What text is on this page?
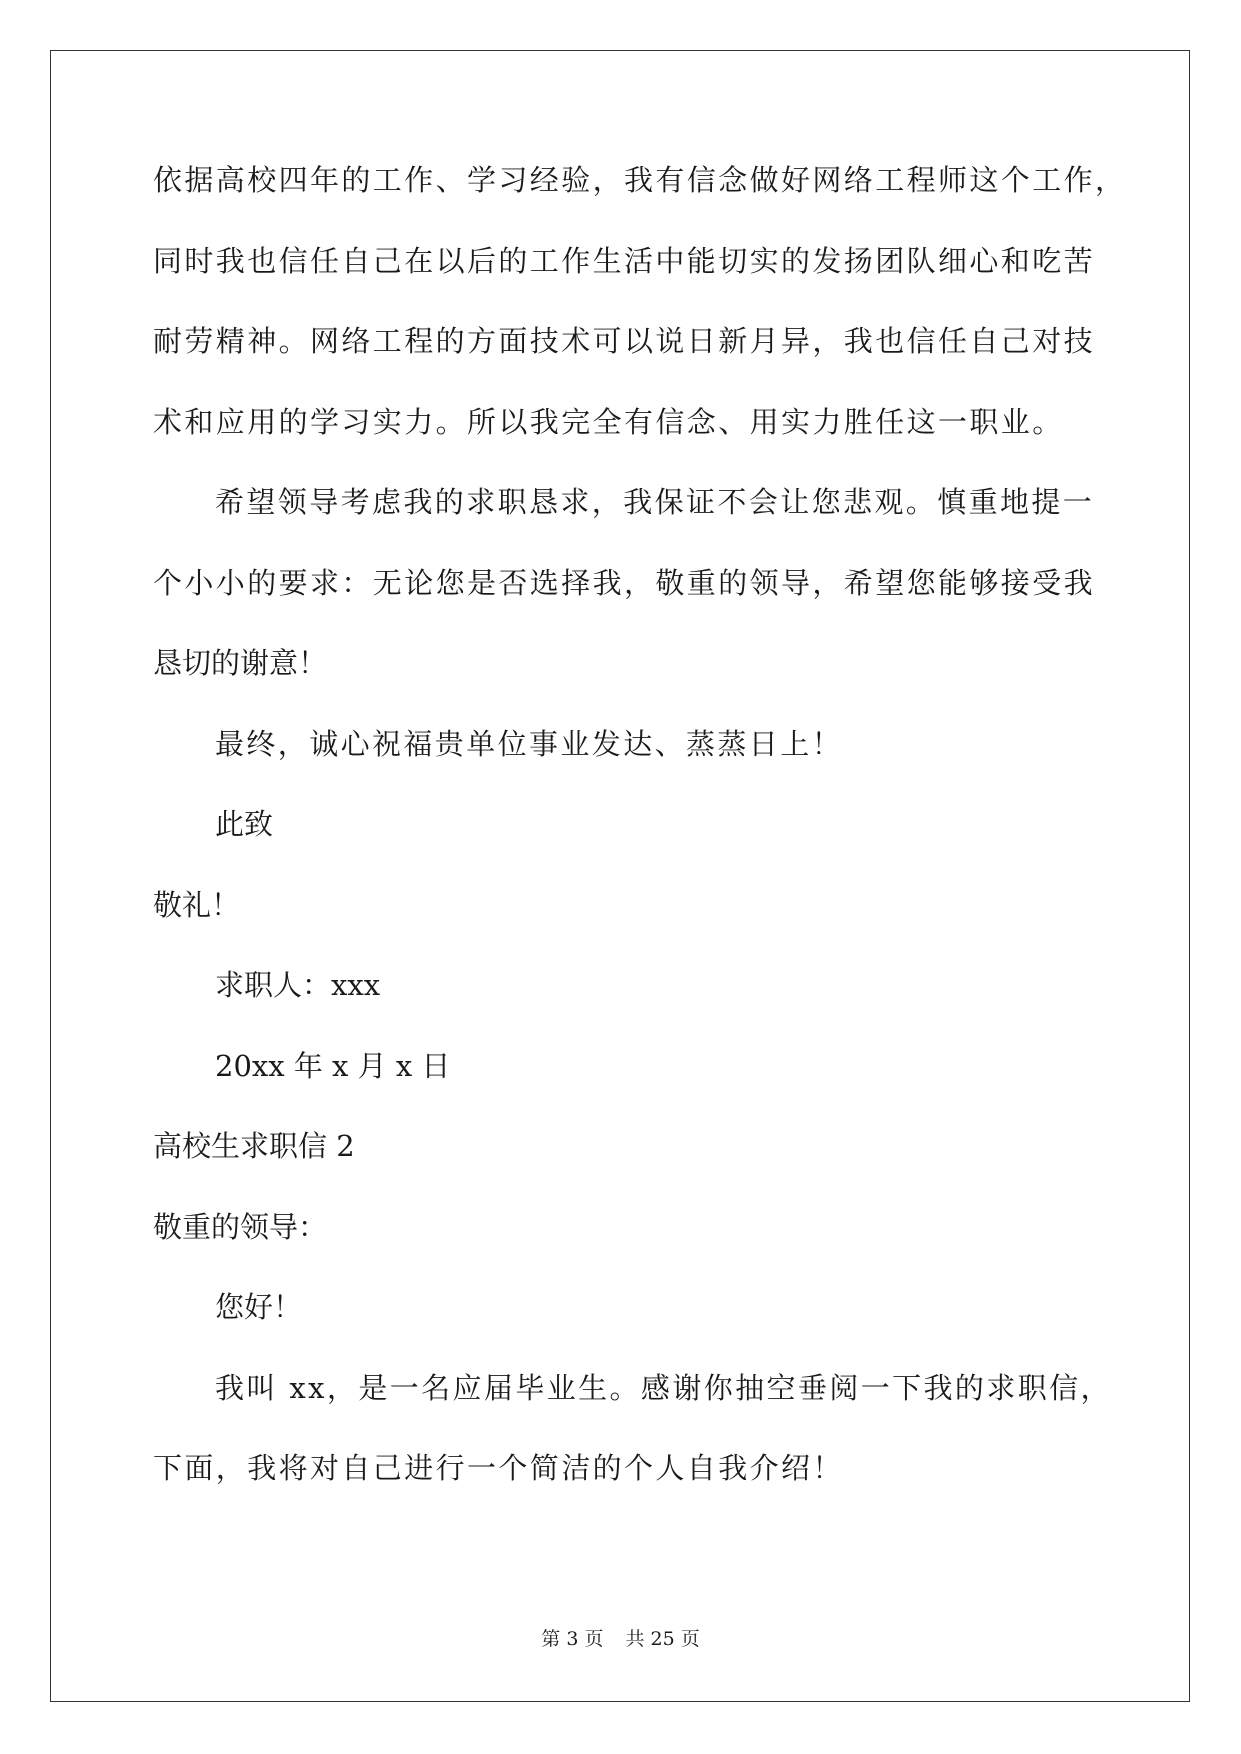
依据高校四年的工作、学习经验，我有信念做好网络工程师这个工作，
同时我也信任自己在以后的工作生活中能切实的发扬团队细心和吃苦
耐劳精神。网络工程的方面技术可以说日新月异，我也信任自己对技
术和应用的学习实力。所以我完全有信念、用实力胜任这一职业。
希望领导考虑我的求职恳求，我保证不会让您悲观。慎重地提一
个小小的要求：无论您是否选择我，敬重的领导，希望您能够接受我
恳切的谢意！
最终，诚心祝福贵单位事业发达、蒸蒸日上！
此致
敬礼！
求职人：xxx
20xx 年 x 月 x 日
高校生求职信 2
敬重的领导：
您好！
我叫 xx，是一名应届毕业生。感谢你抽空垂阅一下我的求职信，
下面，我将对自己进行一个简洁的个人自我介绍！
第 3 页 共 25 页
